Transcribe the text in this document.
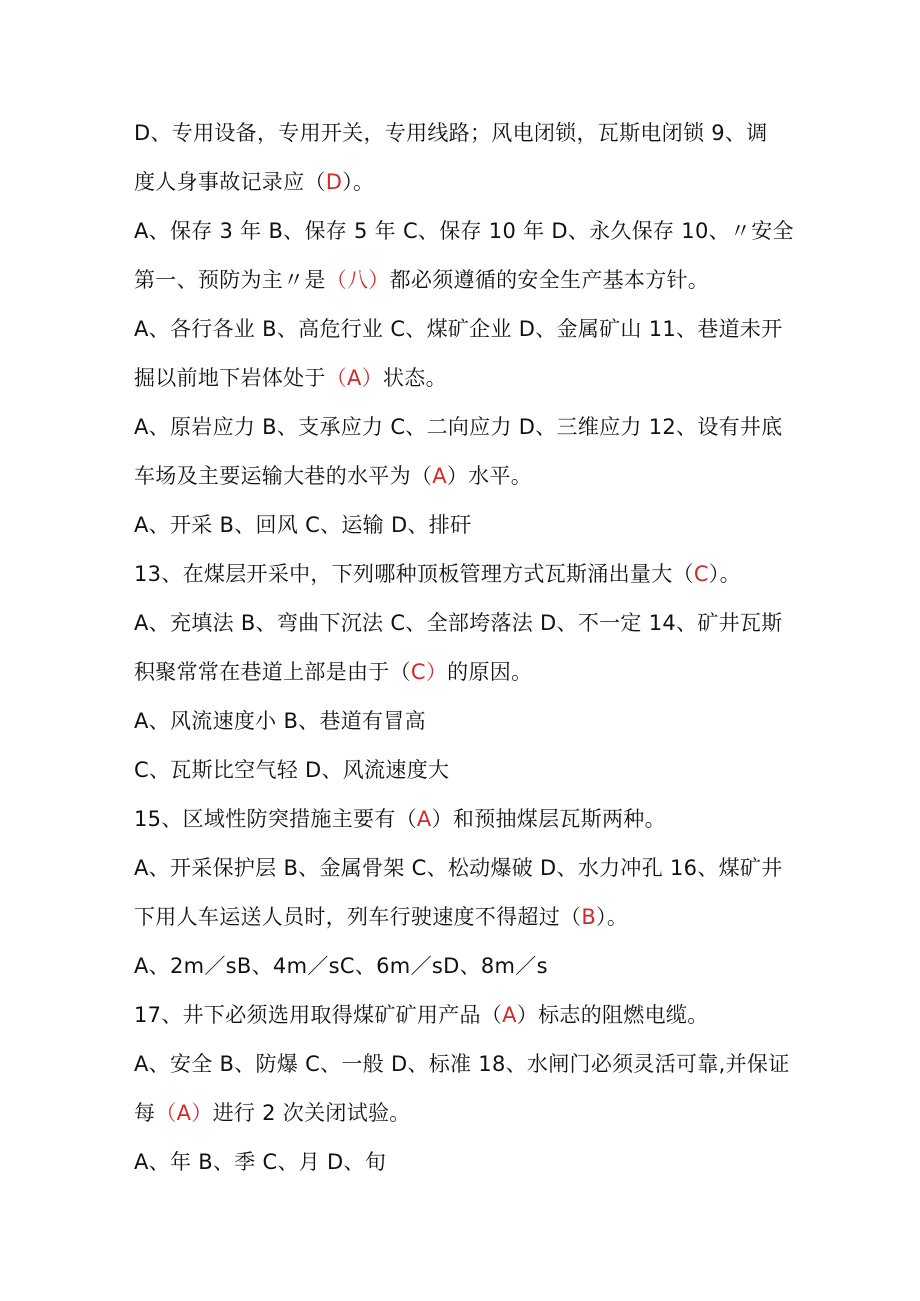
D、专用设备，专用开关，专用线路；风电闭锁，瓦斯电闭锁 9、调
度人身事故记录应（D）。
A、保存 3 年 B、保存 5 年 C、保存 10 年 D、永久保存 10、〃安全
第一、预防为主〃是（八）都必须遵循的安全生产基本方针。
A、各行各业 B、高危行业 C、煤矿企业 D、金属矿山 11、巷道未开
掘以前地下岩体处于（A）状态。
A、原岩应力 B、支承应力 C、二向应力 D、三维应力 12、设有井底
车场及主要运输大巷的水平为（A）水平。
A、开采 B、回风 C、运输 D、排矸
13、在煤层开采中，下列哪种顶板管理方式瓦斯涌出量大（C）。
A、充填法 B、弯曲下沉法 C、全部垮落法 D、不一定 14、矿井瓦斯
积聚常常在巷道上部是由于（C）的原因。
A、风流速度小 B、巷道有冒高
C、瓦斯比空气轻 D、风流速度大
15、区域性防突措施主要有（A）和预抽煤层瓦斯两种。
A、开采保护层 B、金属骨架 C、松动爆破 D、水力冲孔 16、煤矿井
下用人车运送人员时，列车行驶速度不得超过（B）。
A、2m／sB、4m／sC、6m／sD、8m／s
17、井下必须选用取得煤矿矿用产品（A）标志的阻燃电缆。
A、安全 B、防爆 C、一般 D、标准 18、水闸门必须灵活可靠,并保证
每（A）进行 2 次关闭试验。
A、年 B、季 C、月 D、旬
